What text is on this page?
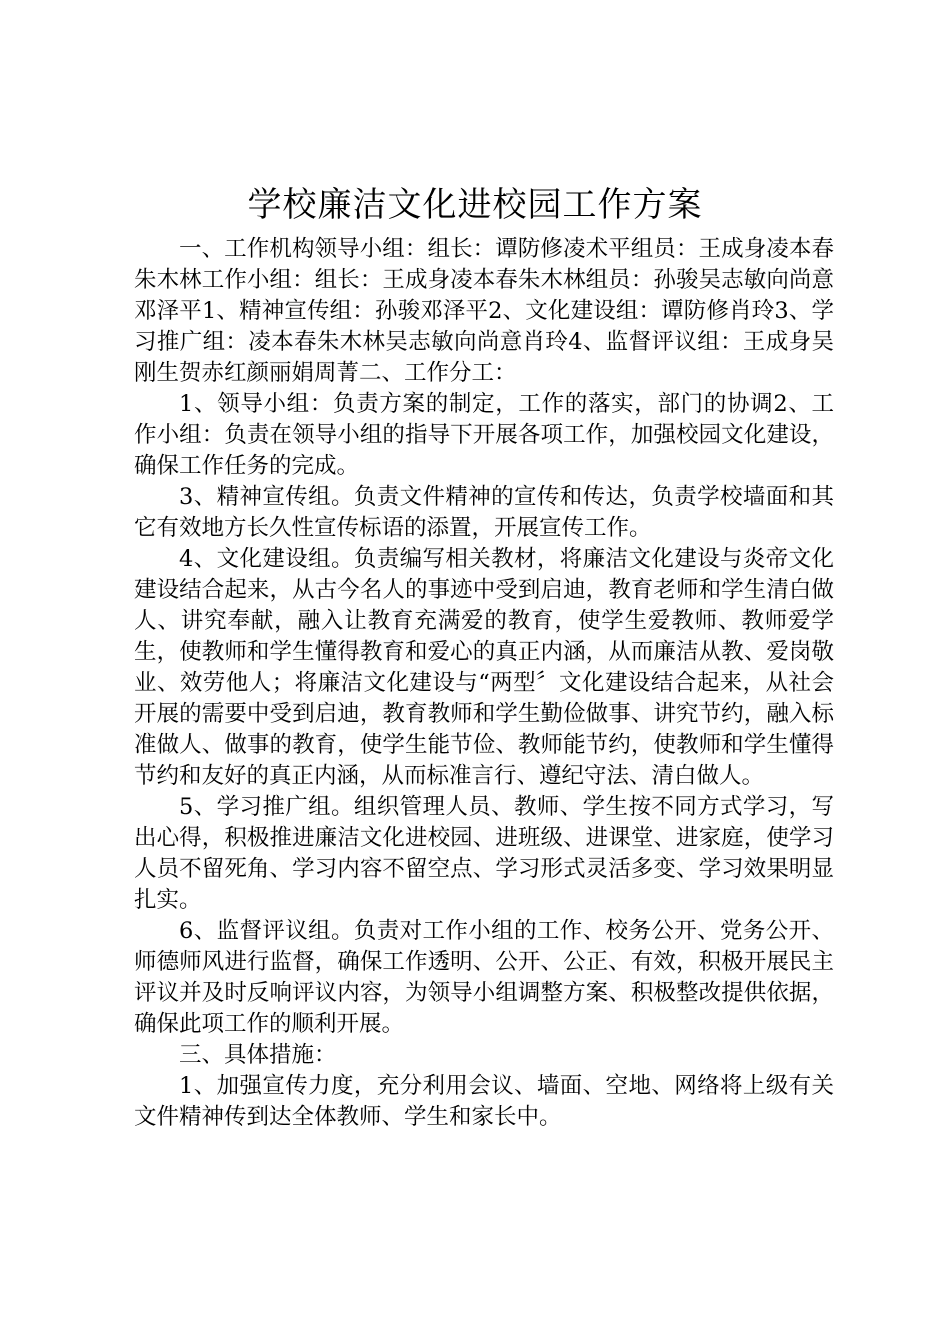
学校廉洁文化进校园工作方案

一、工作机构领导小组：组长：谭防修凌术平组员：王成身凌本春朱木林工作小组：组长：王成身凌本春朱木林组员：孙骏吴志敏向尚意邓泽平1、精神宣传组：孙骏邓泽平2、文化建设组：谭防修肖玲3、学习推广组：凌本春朱木林吴志敏向尚意肖玲4、监督评议组：王成身吴刚生贺赤红颜丽娟周菁二、工作分工：

1、领导小组：负责方案的制定，工作的落实，部门的协调2、工作小组：负责在领导小组的指导下开展各项工作，加强校园文化建设，确保工作任务的完成。

3、精神宣传组。负责文件精神的宣传和传达，负责学校墙面和其它有效地方长久性宣传标语的添置，开展宣传工作。

4、文化建设组。负责编写相关教材，将廉洁文化建设与炎帝文化建设结合起来，从古今名人的事迹中受到启迪，教育老师和学生清白做人、讲究奉献，融入让教育充满爱的教育，使学生爱教师、教师爱学生，使教师和学生懂得教育和爱心的真正内涵，从而廉洁从教、爱岗敬业、效劳他人；将廉洁文化建设与“两型〞文化建设结合起来，从社会开展的需要中受到启迪，教育教师和学生勤俭做事、讲究节约，融入标准做人、做事的教育，使学生能节俭、教师能节约，使教师和学生懂得节约和友好的真正内涵，从而标准言行、遵纪守法、清白做人。

5、学习推广组。组织管理人员、教师、学生按不同方式学习，写出心得，积极推进廉洁文化进校园、进班级、进课堂、进家庭，使学习人员不留死角、学习内容不留空点、学习形式灵活多变、学习效果明显扎实。

6、监督评议组。负责对工作小组的工作、校务公开、党务公开、师德师风进行监督，确保工作透明、公开、公正、有效，积极开展民主评议并及时反响评议内容，为领导小组调整方案、积极整改提供依据，确保此项工作的顺利开展。

三、具体措施：

1、加强宣传力度，充分利用会议、墙面、空地、网络将上级有关文件精神传到达全体教师、学生和家长中。
